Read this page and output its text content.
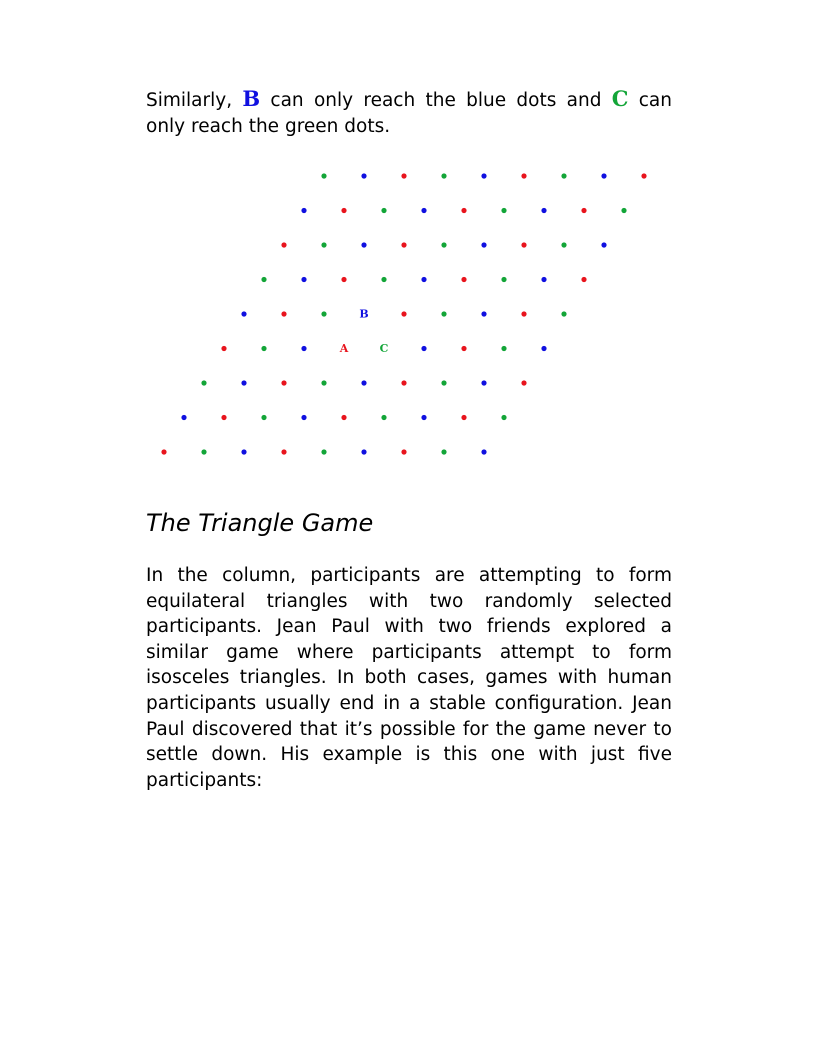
Similarly, B can only reach the blue dots and C can only reach the green dots.

B
A	C
The Triangle Game

In the column, participants are attempting to form equilateral triangles with two randomly selected participants. Jean Paul with two friends explored a similar game where participants attempt to form isosceles triangles. In both cases, games with human participants usually end in a stable configuration. Jean Paul discovered that it’s possible for the game never to settle down. His example is this one with just five participants:
